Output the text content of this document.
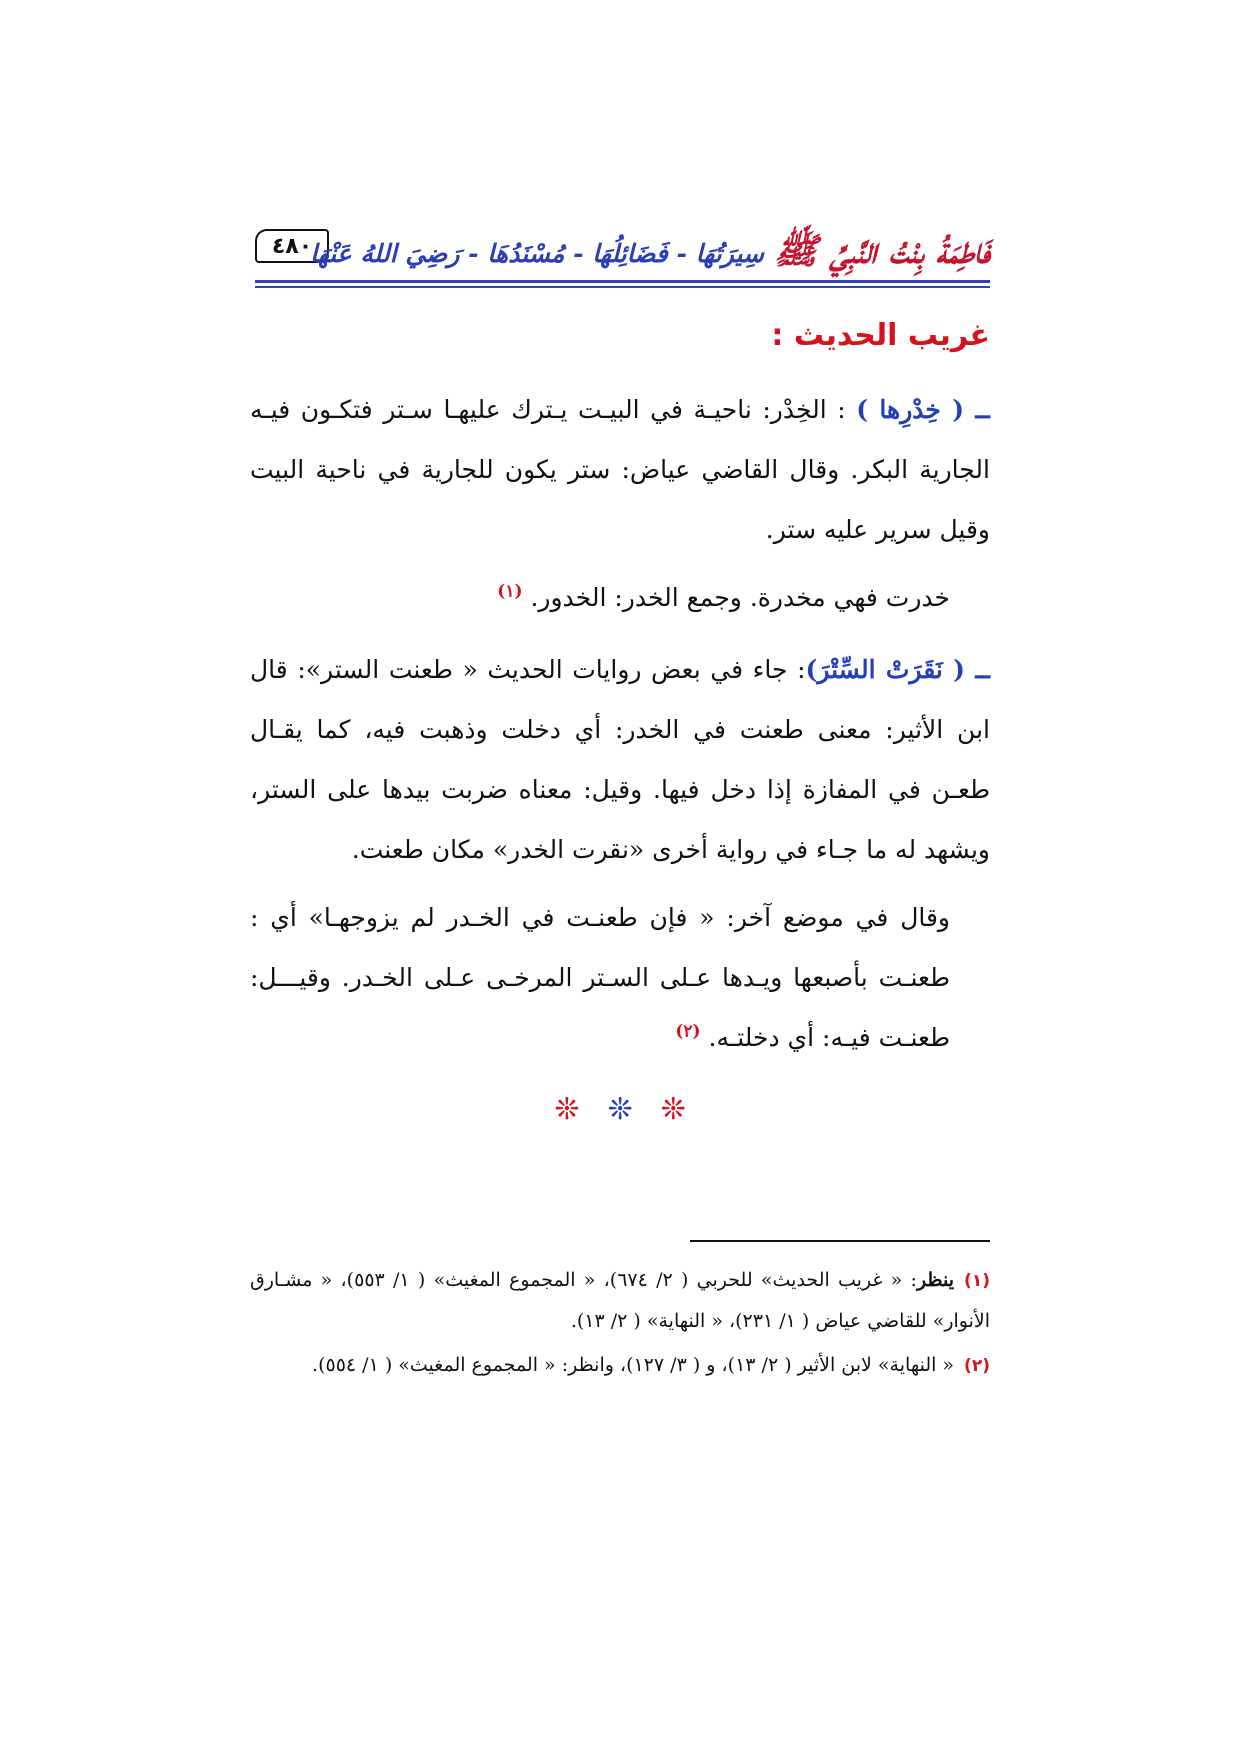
٤٨٠	فَاطِمَةُ بِنْتُ النَّبِيِّ ﷺ
سِيرَتُهَا - فَضَائِلُهَا - مُسْنَدُهَا - رَضِيَ اللهُ عَنْهَا
غريب الحديث :

ــ ( خِدْرِها ) : الخِدْر: ناحيـة في البيـت يـترك عليهـا سـتر فتكـون فيـه الجارية البكر. وقال القاضي عياض: ستر يكون للجارية في ناحية البيت وقيل سرير عليه ستر.

خدرت فهي مخدرة. وجمع الخدر: الخدور. $^{(١)}$

ــ ( نَقَرَتْ السِّتْرَ): جاء في بعض روايات الحديث « طعنت الستر»: قال ابن الأثير: معنى طعنت في الخدر: أي دخلت وذهبت فيه، كما يقـال طعـن في المفازة إذا دخل فيها. وقيل: معناه ضربت بيدها على الستر، ويشهد له ما جـاء في رواية أخرى «نقرت الخدر» مكان طعنت.

وقال في موضع آخر: « فإن طعنـت في الخـدر لم يزوجهـا» أي : طعنـت بأصبعها ويـدها عـلى السـتر المرخـى عـلى الخـدر. وقيـــل: طعنـت فيـه: أي دخلتـه. $^{(٢)}$

❊
❊
❊

(١)ينظر: « غريب الحديث» للحربي ( ٢/ ٦٧٤)، « المجموع المغيث» ( ١/ ٥٥٣)، « مشـارق الأنوار» للقاضي عياض ( ١/ ٢٣١)، « النهاية» ( ٢/ ١٣).

(٢)« النهاية» لابن الأثير ( ٢/ ١٣)، و ( ٣/ ١٢٧)، وانظر: « المجموع المغيث» ( ١/ ٥٥٤).
